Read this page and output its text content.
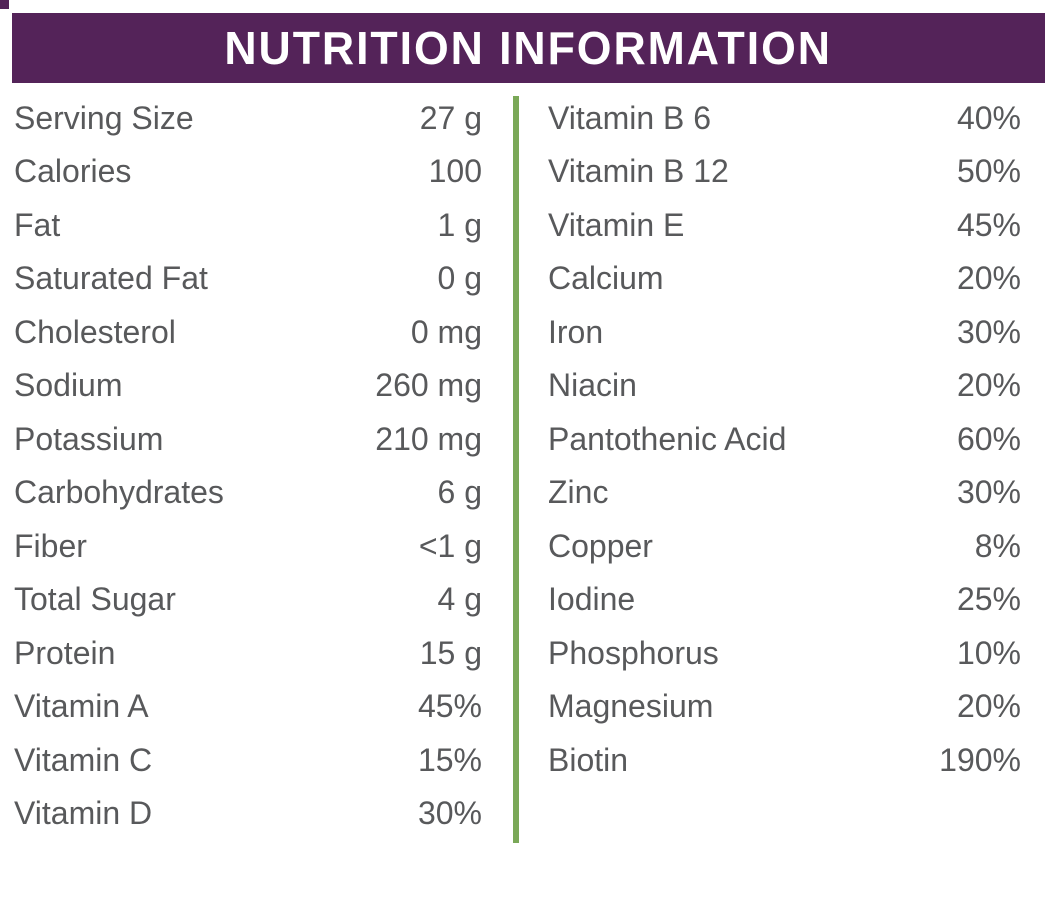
NUTRITION INFORMATION
Serving Size	27 g
Calories	100
Fat	1 g
Saturated Fat	0 g
Cholesterol	0 mg
Sodium	260 mg
Potassium	210 mg
Carbohydrates	6 g
Fiber	<1 g
Total Sugar	4 g
Protein	15 g
Vitamin A	45%
Vitamin C	15%
Vitamin D	30%
Vitamin B 6	40%
Vitamin B 12	50%
Vitamin E	45%
Calcium	20%
Iron	30%
Niacin	20%
Pantothenic Acid	60%
Zinc	30%
Copper	8%
Iodine	25%
Phosphorus	10%
Magnesium	20%
Biotin	190%
